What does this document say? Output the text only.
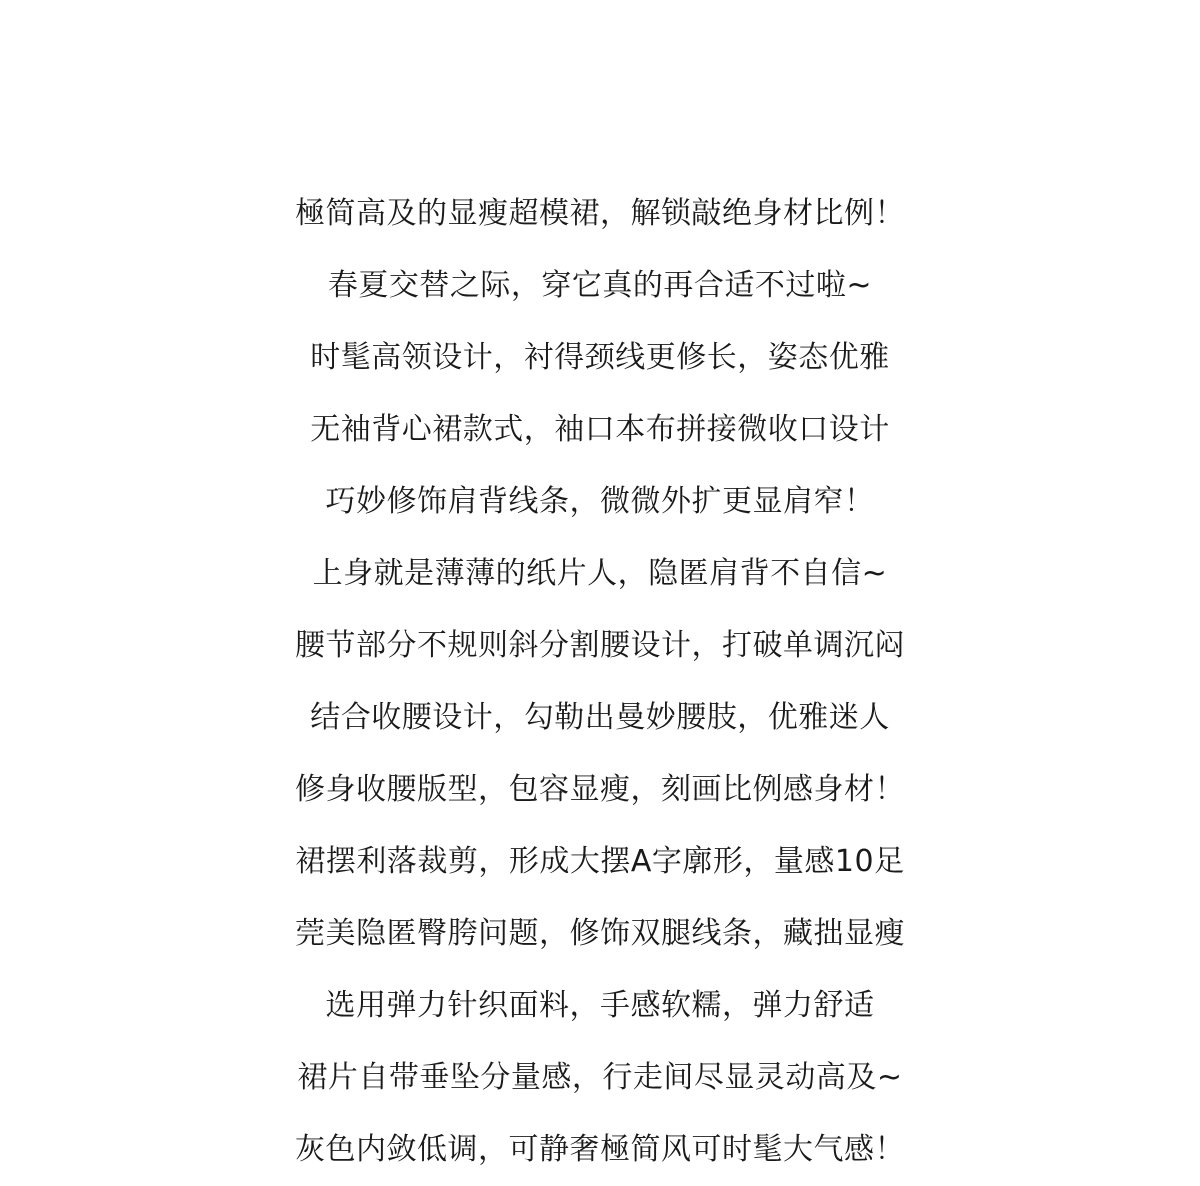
極简高及的显瘦超模裙，解锁敲绝身材比例！
春夏交替之际，穿它真的再合适不过啦~
时髦高领设计，衬得颈线更修长，姿态优雅
无袖背心裙款式，袖口本布拼接微收口设计
巧妙修饰肩背线条，微微外扩更显肩窄！
上身就是薄薄的纸片人，隐匿肩背不自信~
腰节部分不规则斜分割腰设计，打破单调沉闷
结合收腰设计，勾勒出曼妙腰肢，优雅迷人
修身收腰版型，包容显瘦，刻画比例感身材！
裙摆利落裁剪，形成大摆A字廓形，量感10足
莞美隐匿臀胯问题，修饰双腿线条，藏拙显瘦
选用弹力针织面料，手感软糯，弹力舒适
裙片自带垂坠分量感，行走间尽显灵动高及~
灰色内敛低调，可静奢極简风可时髦大气感！
